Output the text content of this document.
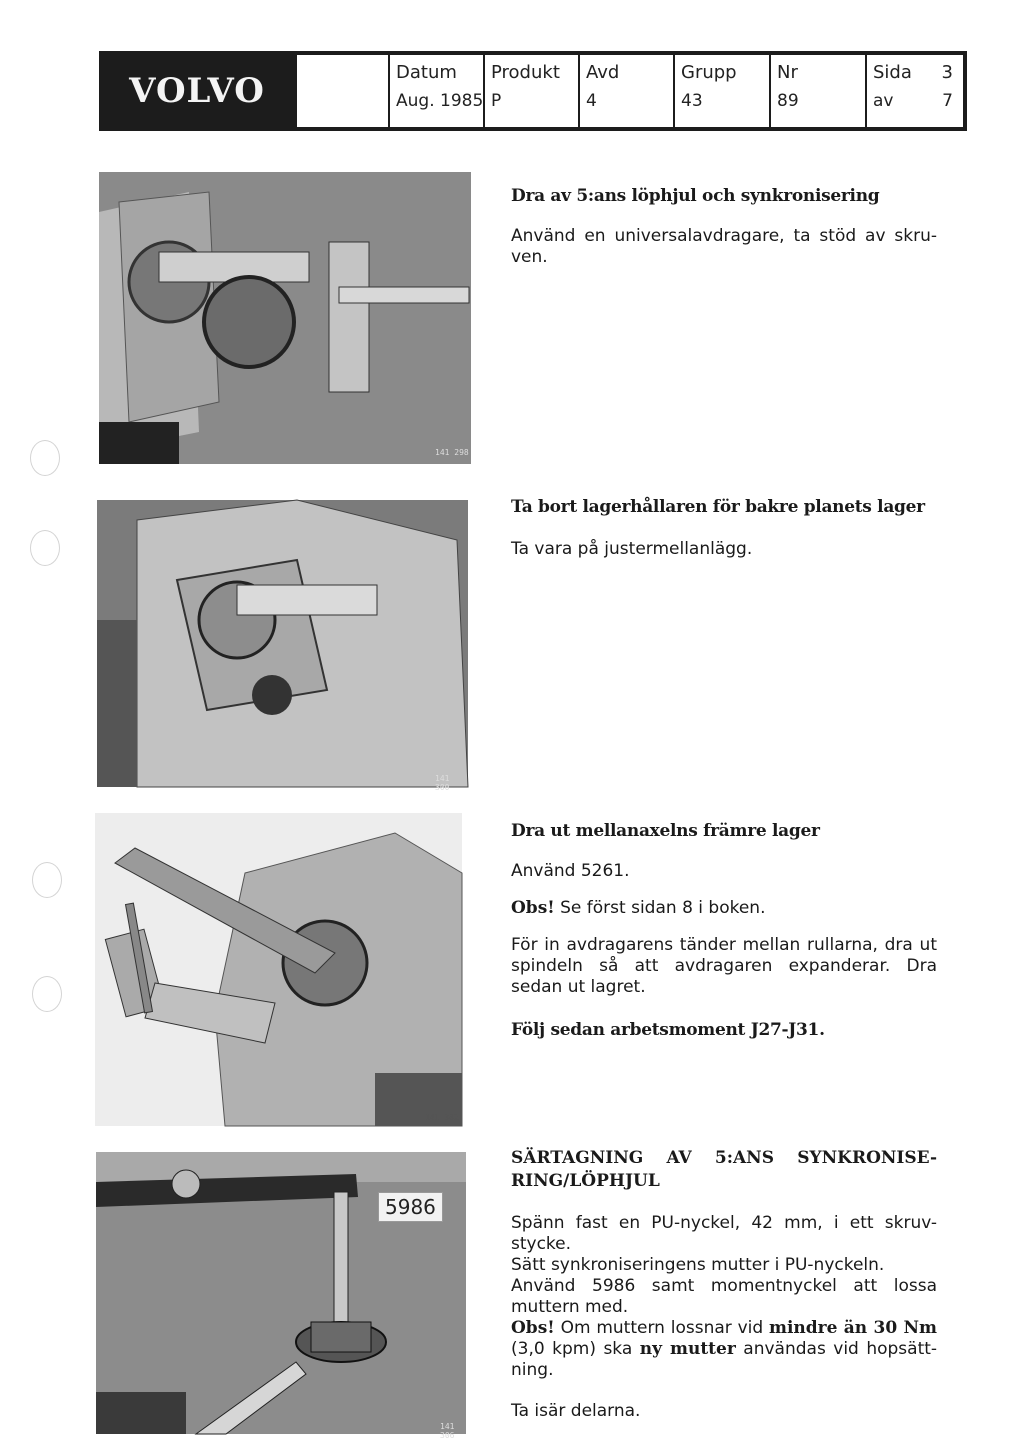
VOLVO	Datum
Aug. 1985
Produkt
P
Avd
4
Grupp
43
Nr
89
Sida 3
av	7
141 298

Dra av 5:ans löphjul och synkronisering

Använd en universalavdragare, ta stöd av skru-ven.

141 300

Ta bort lagerhållaren för bakre planets lager

Ta vara på justermellanlägg.

141 302

Dra ut mellanaxelns främre lager

Använd 5261.

Obs! Se först sidan 8 i boken.

För in avdragarens tänder mellan rullarna, dra ut spindeln så att avdragaren expanderar. Dra sedan ut lagret.

Följ sedan arbetsmoment J27-J31.

5986
141 306

SÄRTAGNING AV 5:ANS SYNKRONISE-

RING/LÖPHJUL

Spänn fast en PU-nyckel, 42 mm, i ett skruv-stycke.

Sätt synkroniseringens mutter i PU-nyckeln.

Använd 5986 samt momentnyckel att lossa muttern med.

Obs! Om muttern lossnar vid mindre än 30 Nm (3,0 kpm) ska ny mutter användas vid hopsätt-ning.

Ta isär delarna.
